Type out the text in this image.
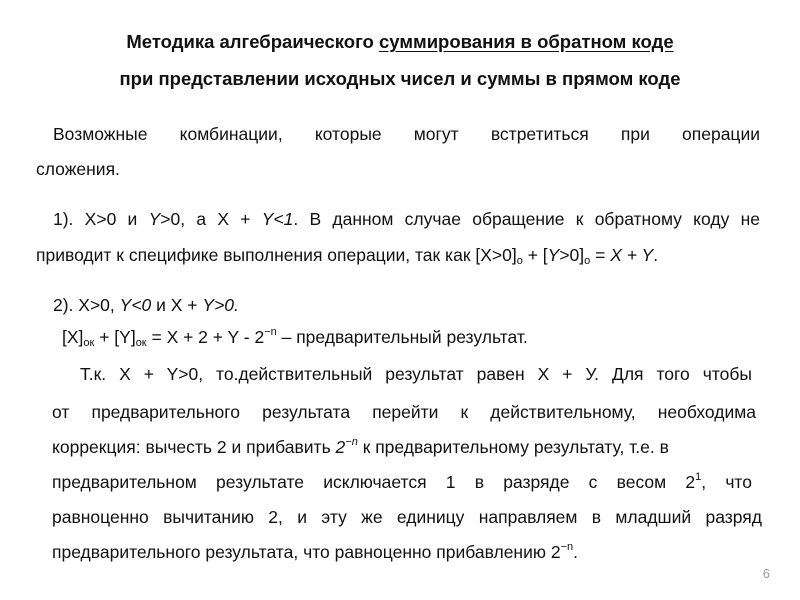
Методика алгебраического суммирования в обратном коде
при представлении исходных чисел и суммы в прямом коде
Возможные комбинации, которые могут встретиться при операции
сложения.
1). X>0 и Y>0, а X + Y<1. В данном случае обращение к обратному коду не
приводит к специфике выполнения операции, так как $[X>0]_о + [Y>0]_о = X + Y$.
2). X>0, Y<0 и X + Y>0.
$[X]_{ок} + [Y]_{ок} = X + 2 + Y - 2^{-n}$ – предварительный результат.
Т.к. X + Y>0, то.действительный результат равен X + У. Для того чтобы
от предварительного результата перейти к действительному, необходима
коррекция: вычесть 2 и прибавить $2^{-n}$ к предварительному результату, т.е. в
предварительном результате исключается 1 в разряде с весом $2^1$, что
равноценно вычитанию 2, и эту же единицу направляем в младший разряд
предварительного результата, что равноценно прибавлению $2^{-n}$.
6
